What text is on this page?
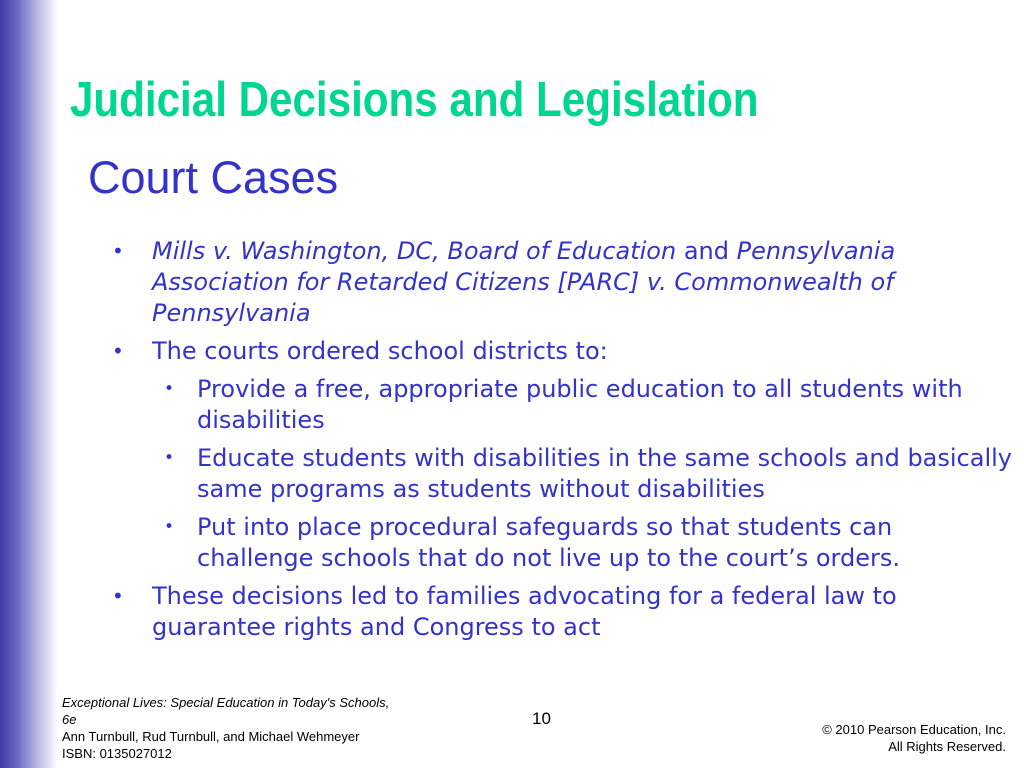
Judicial Decisions and Legislation
Court Cases
• Mills v. Washington, DC, Board of Education and Pennsylvania Association for Retarded Citizens [PARC] v. Commonwealth of Pennsylvania
• The courts ordered school districts to:
• Provide a free, appropriate public education to all students with disabilities
• Educate students with disabilities in the same schools and basically same programs as students without disabilities
• Put into place procedural safeguards so that students can challenge schools that do not live up to the court’s orders.
• These decisions led to families advocating for a federal law to guarantee rights and Congress to act
Exceptional Lives: Special Education in Today's Schools, 6e
Ann Turnbull, Rud Turnbull, and Michael Wehmeyer
ISBN: 0135027012
10
© 2010 Pearson Education, Inc.
All Rights Reserved.
